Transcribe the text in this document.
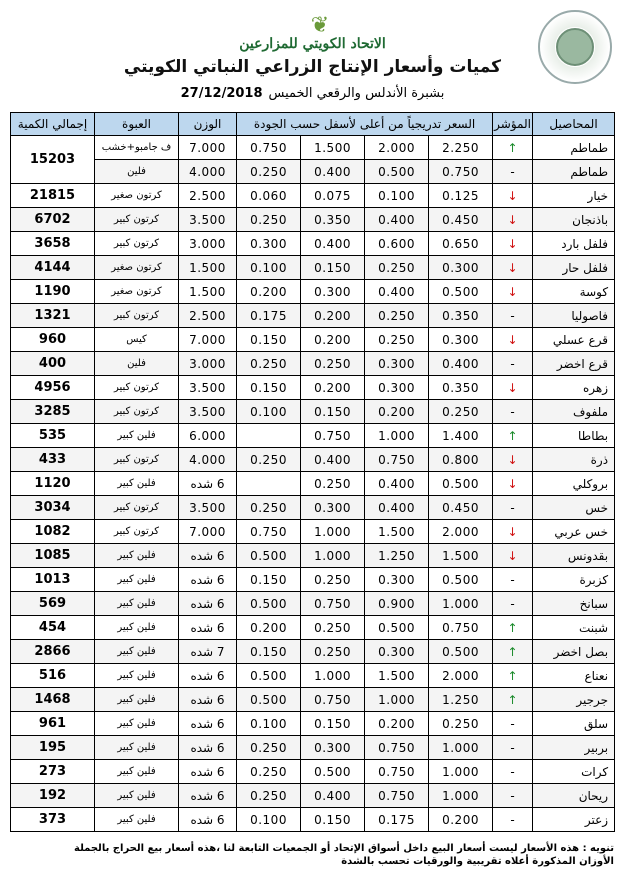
❦
الاتحاد الكويتي للمزارعين
كميات وأسعار الإنتاج الزراعي النباتي الكويتي
27/12/2018 بشبرة الأندلس والرقعي الخميس
المحاصيل	المؤشر	السعر تدريجياً من أعلى لأسفل حسب الجودة				الوزن	العبوة	إجمالي الكمية
طماطم	↑	2.250	2.000	1.500	0.750	7.000	ف جامبو+خشب	15203
طماطم	-	0.750	0.500	0.400	0.250	4.000	فلين	
خيار	↓	0.125	0.100	0.075	0.060	2.500	كرتون صغير	21815
باذنجان	↓	0.450	0.400	0.350	0.250	3.500	كرتون كبير	6702
فلفل بارد	↓	0.650	0.600	0.400	0.300	3.000	كرتون كبير	3658
فلفل حار	↓	0.300	0.250	0.150	0.100	1.500	كرتون صغير	4144
كوسة	↓	0.500	0.400	0.300	0.200	1.500	كرتون صغير	1190
فاصوليا	-	0.350	0.250	0.200	0.175	2.500	كرتون كبير	1321
قرع عسلي	↓	0.300	0.250	0.200	0.150	7.000	كيس	960
قرع اخضر	-	0.400	0.300	0.250	0.250	3.000	فلين	400
زهره	↓	0.350	0.300	0.200	0.150	3.500	كرتون كبير	4956
ملفوف	-	0.250	0.200	0.150	0.100	3.500	كرتون كبير	3285
بطاطا	↑	1.400	1.000	0.750		6.000	فلين كبير	535
ذرة	↓	0.800	0.750	0.400	0.250	4.000	كرتون كبير	433
بروكلي	↓	0.500	0.400	0.250		6 شده	فلين كبير	1120
خس	-	0.450	0.400	0.300	0.250	3.500	كرتون كبير	3034
خس عربي	↓	2.000	1.500	1.000	0.750	7.000	كرتون كبير	1082
بقدونس	↓	1.500	1.250	1.000	0.500	6 شده	فلين كبير	1085
كزبرة	-	0.500	0.300	0.250	0.150	6 شده	فلين كبير	1013
سبانخ	-	1.000	0.900	0.750	0.500	6 شده	فلين كبير	569
شبنت	↑	0.750	0.500	0.250	0.200	6 شده	فلين كبير	454
بصل اخضر	↑	0.500	0.300	0.250	0.150	7 شده	فلين كبير	2866
نعناع	↑	2.000	1.500	1.000	0.500	6 شده	فلين كبير	516
جرجير	↑	1.250	1.000	0.750	0.500	6 شده	فلين كبير	1468
سلق	-	0.250	0.200	0.150	0.100	6 شده	فلين كبير	961
بربير	-	1.000	0.750	0.300	0.250	6 شده	فلين كبير	195
كرات	-	1.000	0.750	0.500	0.250	6 شده	فلين كبير	273
ريحان	-	1.000	0.750	0.400	0.250	6 شده	فلين كبير	192
زعتر	-	0.200	0.175	0.150	0.100	6 شده	فلين كبير	373
تنويه : هذه الأسعار ليست أسعار البيع داخل أسواق الإتحاد أو الجمعيات التابعة لنا ،هذه أسعار بيع الحراج بالجملة
الأوزان المذكورة أعلاه تقريبية والورقيات تحسب بالشدة
